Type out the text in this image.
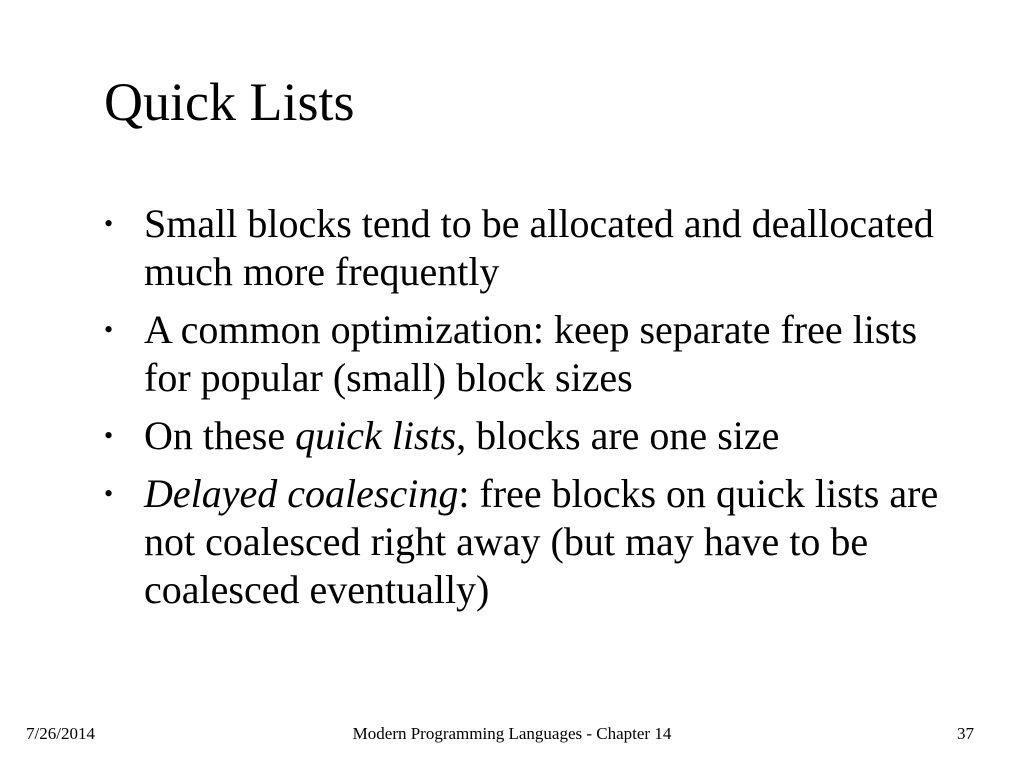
Quick Lists
• Small blocks tend to be allocated and deallocated much more frequently
• A common optimization: keep separate free lists for popular (small) block sizes
• On these quick lists, blocks are one size
• Delayed coalescing: free blocks on quick lists are not coalesced right away (but may have to be coalesced eventually)
7/26/2014	Modern Programming Languages - Chapter 14	37
